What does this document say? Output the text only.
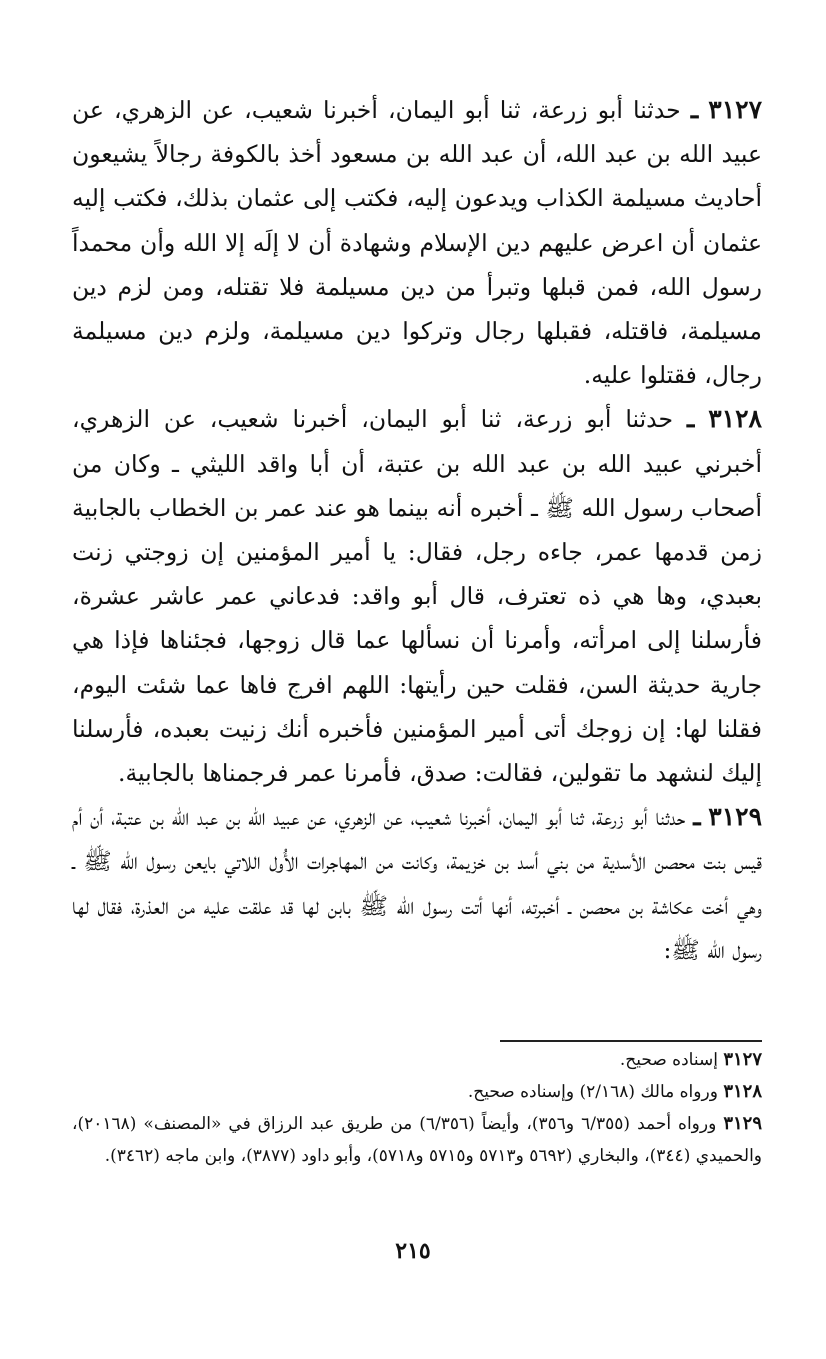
٣١٢٧ ـ حدثنا أبو زرعة، ثنا أبو اليمان، أخبرنا شعيب، عن الزهري، عن عبيد الله بن عبد الله، أن عبد الله بن مسعود أخذ بالكوفة رجالاً يشيعون أحاديث مسيلمة الكذاب ويدعون إليه، فكتب إلى عثمان بذلك، فكتب إليه عثمان أن اعرض عليهم دين الإسلام وشهادة أن لا إلَه إلا الله وأن محمداً رسول الله، فمن قبلها وتبرأ من دين مسيلمة فلا تقتله، ومن لزم دين مسيلمة، فاقتله، فقبلها رجال وتركوا دين مسيلمة، ولزم دين مسيلمة رجال، فقتلوا عليه.

٣١٢٨ ـ حدثنا أبو زرعة، ثنا أبو اليمان، أخبرنا شعيب، عن الزهري، أخبرني عبيد الله بن عبد الله بن عتبة، أن أبا واقد الليثي ـ وكان من أصحاب رسول الله ﷺ ـ أخبره أنه بينما هو عند عمر بن الخطاب بالجابية زمن قدمها عمر، جاءه رجل، فقال: يا أمير المؤمنين إن زوجتي زنت بعبدي، وها هي ذه تعترف، قال أبو واقد: فدعاني عمر عاشر عشرة، فأرسلنا إلى امرأته، وأمرنا أن نسألها عما قال زوجها، فجئناها فإذا هي جارية حديثة السن، فقلت حين رأيتها: اللهم افرج فاها عما شئت اليوم، فقلنا لها: إن زوجك أتى أمير المؤمنين فأخبره أنك زنيت بعبده، فأرسلنا إليك لنشهد ما تقولين، فقالت: صدق، فأمرنا عمر فرجمناها بالجابية.

٣١٢٩ ـ حدثنا أبو زرعة، ثنا أبو اليمان، أخبرنا شعيب، عن الزهري، عن عبيد الله بن عبد الله بن عتبة، أن أم قيس بنت محصن الأسدية من بني أسد بن خزيمة، وكانت من المهاجرات الأُول اللاتي بايعن رسول الله ﷺ ـ وهي أخت عكاشة بن محصن ـ أخبرته، أنها أتت رسول الله ﷺ بابن لها قد علقت عليه من العذرة، فقال لها رسول الله ﷺ:

٣١٢٧ إسناده صحيح.

٣١٢٨ ورواه مالك (٢/١٦٨) وإسناده صحيح.

٣١٢٩ ورواه أحمد (٦/٣٥٥ و٣٥٦)، وأيضاً (٦/٣٥٦) من طريق عبد الرزاق في «المصنف» (٢٠١٦٨)، والحميدي (٣٤٤)، والبخاري (٥٦٩٢ و٥٧١٣ و٥٧١٥ و٥٧١٨)، وأبو داود (٣٨٧٧)، وابن ماجه (٣٤٦٢).

٢١٥
